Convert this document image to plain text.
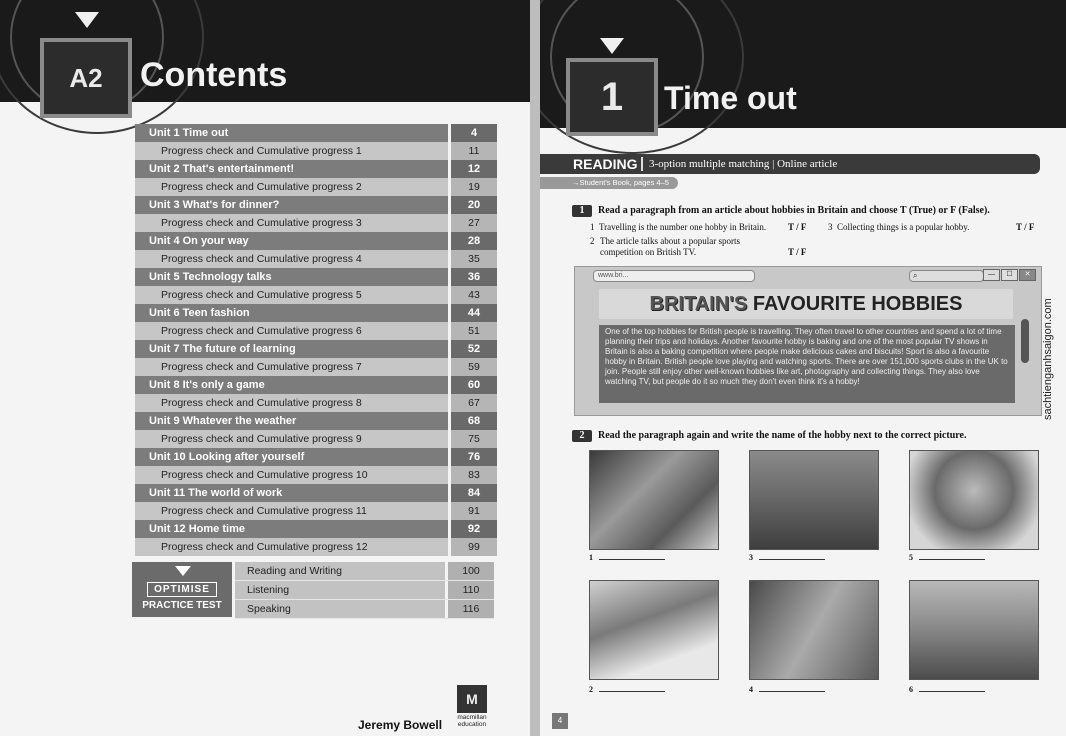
A2	Contents
Unit 1 Time out	4
Progress check and Cumulative progress 1	11
Unit 2 That's entertainment!	12
Progress check and Cumulative progress 2	19
Unit 3 What's for dinner?	20
Progress check and Cumulative progress 3	27
Unit 4 On your way	28
Progress check and Cumulative progress 4	35
Unit 5 Technology talks	36
Progress check and Cumulative progress 5	43
Unit 6 Teen fashion	44
Progress check and Cumulative progress 6	51
Unit 7 The future of learning	52
Progress check and Cumulative progress 7	59
Unit 8 It's only a game	60
Progress check and Cumulative progress 8	67
Unit 9 Whatever the weather	68
Progress check and Cumulative progress 9	75
Unit 10 Looking after yourself	76
Progress check and Cumulative progress 10	83
Unit 11 The world of work	84
Progress check and Cumulative progress 11	91
Unit 12 Home time	92
Progress check and Cumulative progress 12	99
OPTIMISE
PRACTICE TEST
Reading and Writing	100
Listening	110
Speaking	116
Jeremy Bowell
M
macmillan
education
1	Time out
READING 3-option multiple matching | Online article
→Student's Book, pages 4–5
1 Read a paragraph from an article about hobbies in Britain and choose T (True) or F (False).
1 Travelling is the number one hobby in Britain. T / F
2 The article talks about a popular sports competition on British TV.	T / F
3 Collecting things is a popular hobby.	T / F
www.bri...	⌕	—	☐	✕
BRITAIN'S FAVOURITE HOBBIES
One of the top hobbies for British people is travelling. They often travel to other countries and spend a lot of time planning their trips and holidays. Another favourite hobby is baking and one of the most popular TV shows in Britain is also a baking competition where people make delicious cakes and biscuits! Sport is also a favourite hobby in Britain. British people love playing and watching sports. There are over 151,000 sports clubs in the UK to join. People still enjoy other well-known hobbies like art, photography and collecting things. They also love watching TV, but people do it so much they don't even think it's a hobby!
2 Read the paragraph again and write the name of the hobby next to the correct picture.
1	3	5
2	4	6
4
sachtienganhsaigon.com
